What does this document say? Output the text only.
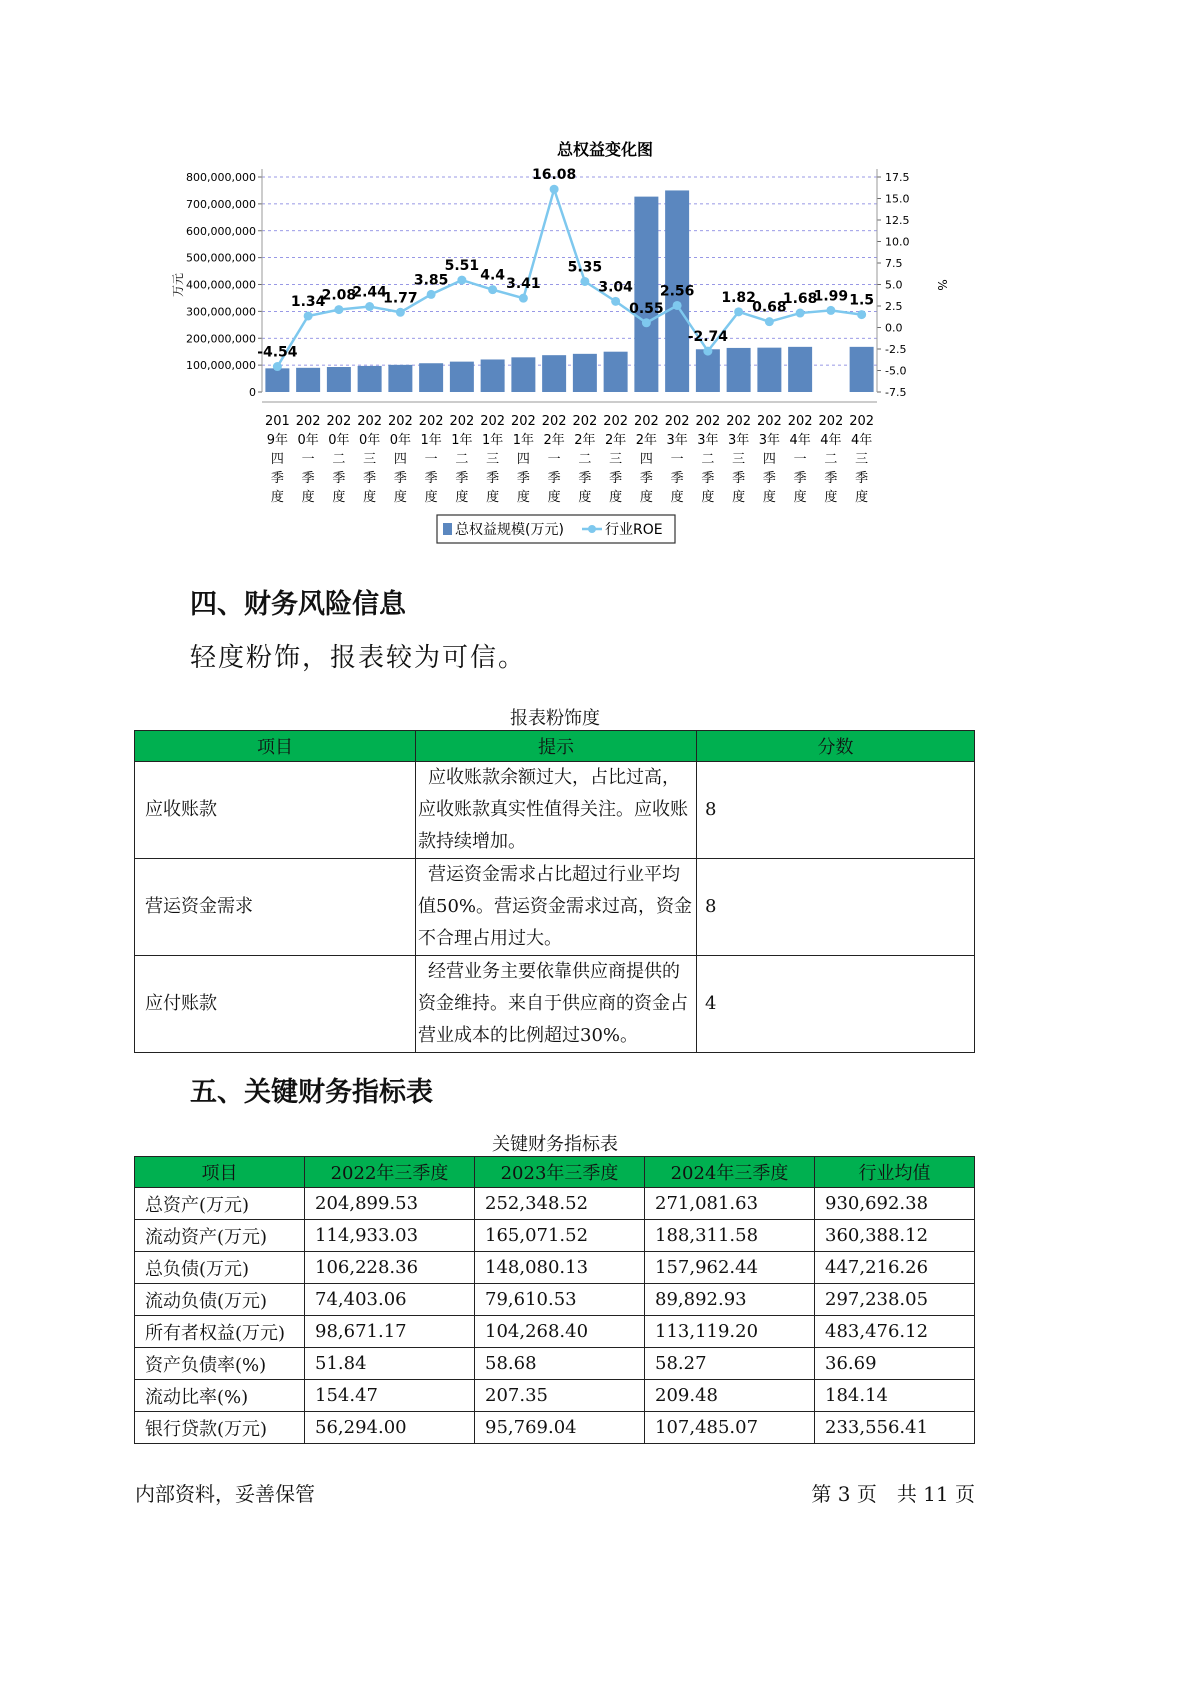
总权益变化图
0
100,000,000
200,000,000
300,000,000
400,000,000
500,000,000
600,000,000
700,000,000
800,000,000
-7.5
-5.0
-2.5
0.0
2.5
5.0
7.5
10.0
12.5
15.0
17.5
-4.54
1.34
2.08
2.44
1.77
3.85
5.51
4.4
3.41
16.08
5.35
3.04
0.55
2.56
-2.74
1.82
0.68
1.68
1.99 1.5
201 9年四季度
202 0年一季度
202 0年二季度
202 0年三季度
202 0年四季度
202 1年一季度
202 1年二季度
202 1年三季度
202 1年四季度
202 2年一季度
202 2年二季度
202 2年三季度
202 2年四季度
202 3年一季度
202 3年二季度
202 3年三季度
202 3年四季度
202 4年一季度
202 4年二季度
202 4年三季度
万元	%
总权益规模(万元)	行业ROE
四、财务风险信息
轻度粉饰，报表较为可信。
报表粉饰度
项目	提示	分数
应收账款	应收账款余额过大，占比过高，应收账款真实性值得关注。应收账款持续增加。	8
营运资金需求	营运资金需求占比超过行业平均值50%。营运资金需求过高，资金不合理占用过大。	8
应付账款	经营业务主要依靠供应商提供的资金维持。来自于供应商的资金占营业成本的比例超过30%。	4
五、关键财务指标表
关键财务指标表
项目	2022年三季度	2023年三季度	2024年三季度	行业均值
总资产(万元)	204,899.53	252,348.52	271,081.63	930,692.38
流动资产(万元)	114,933.03	165,071.52	188,311.58	360,388.12
总负债(万元)	106,228.36	148,080.13	157,962.44	447,216.26
流动负债(万元)	74,403.06	79,610.53	89,892.93	297,238.05
所有者权益(万元)	98,671.17	104,268.40	113,119.20	483,476.12
资产负债率(%)	51.84	58.68	58.27	36.69
流动比率(%)	154.47	207.35	209.48	184.14
银行贷款(万元)	56,294.00	95,769.04	107,485.07	233,556.41
内部资料，妥善保管	第 3 页　共 11 页
